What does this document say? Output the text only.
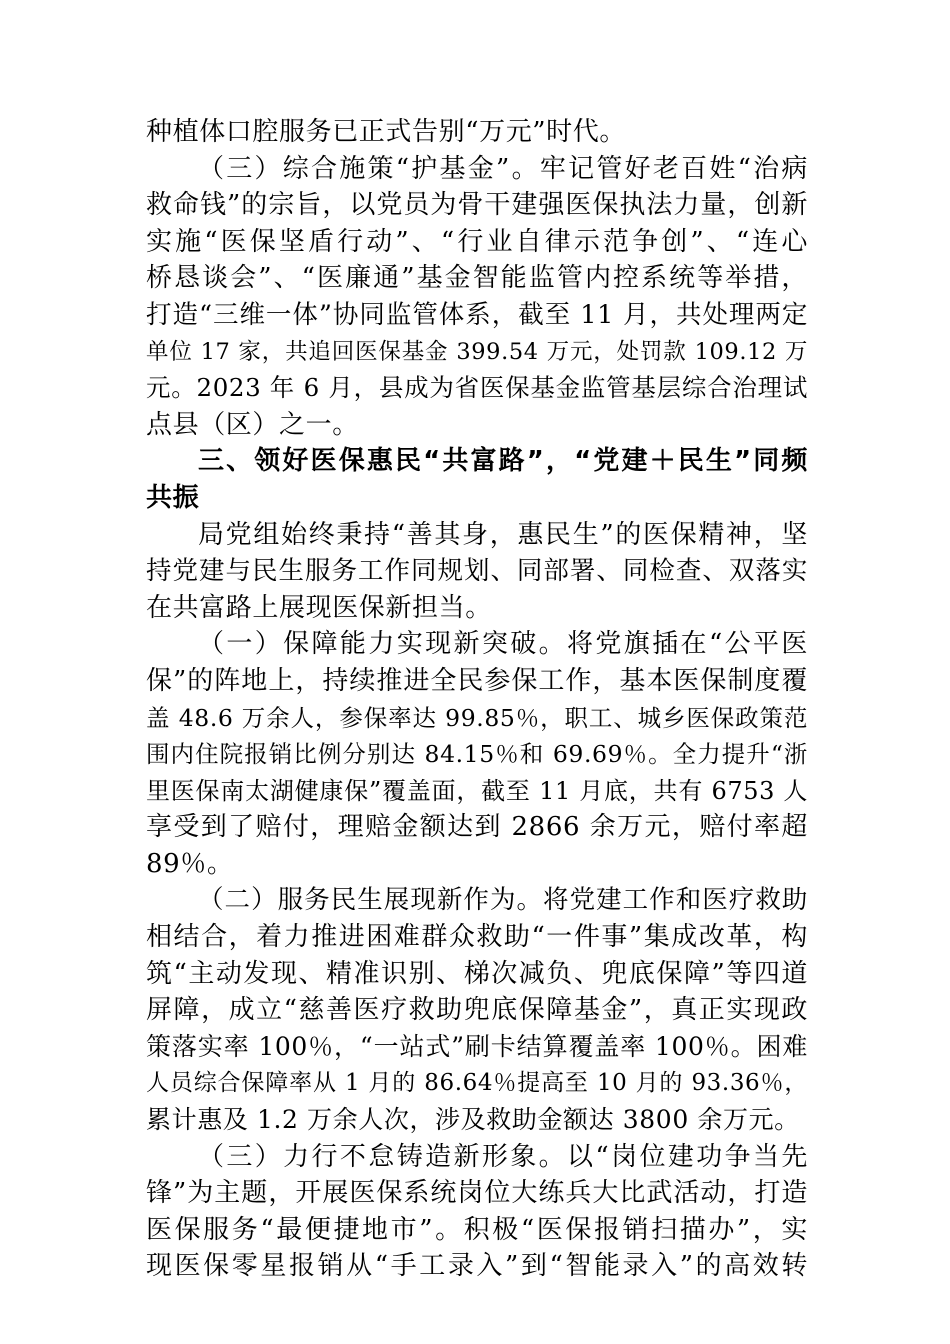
种植体口腔服务已正式告别“万元”时代。
（三）综合施策“护基金”。牢记管好老百姓“治病
救命钱”的宗旨，以党员为骨干建强医保执法力量，创新
实施“医保坚盾行动”、“行业自律示范争创”、“连心
桥恳谈会”、“医廉通”基金智能监管内控系统等举措，
打造“三维一体”协同监管体系，截至 11 月，共处理两定
单位 17 家，共追回医保基金 399.54 万元，处罚款 109.12 万
元。2023 年 6 月，县成为省医保基金监管基层综合治理试
点县（区）之一。
三、领好医保惠民“共富路”，“党建＋民生”同频
共振
局党组始终秉持“善其身，惠民生”的医保精神，坚
持党建与民生服务工作同规划、同部署、同检查、双落实
在共富路上展现医保新担当。
（一）保障能力实现新突破。将党旗插在“公平医
保”的阵地上，持续推进全民参保工作，基本医保制度覆
盖 48.6 万余人，参保率达 99.85％，职工、城乡医保政策范
围内住院报销比例分别达 84.15％和 69.69％。全力提升“浙
里医保南太湖健康保”覆盖面，截至 11 月底，共有 6753 人
享受到了赔付，理赔金额达到 2866 余万元，赔付率超
89％。
（二）服务民生展现新作为。将党建工作和医疗救助
相结合，着力推进困难群众救助“一件事”集成改革，构
筑“主动发现、精准识别、梯次减负、兜底保障”等四道
屏障，成立“慈善医疗救助兜底保障基金”，真正实现政
策落实率 100％，“一站式”刷卡结算覆盖率 100％。困难
人员综合保障率从 1 月的 86.64％提高至 10 月的 93.36％，
累计惠及 1.2 万余人次，涉及救助金额达 3800 余万元。
（三）力行不怠铸造新形象。以“岗位建功争当先
锋”为主题，开展医保系统岗位大练兵大比武活动，打造
医保服务“最便捷地市”。积极“医保报销扫描办”，实
现医保零星报销从“手工录入”到“智能录入”的高效转
